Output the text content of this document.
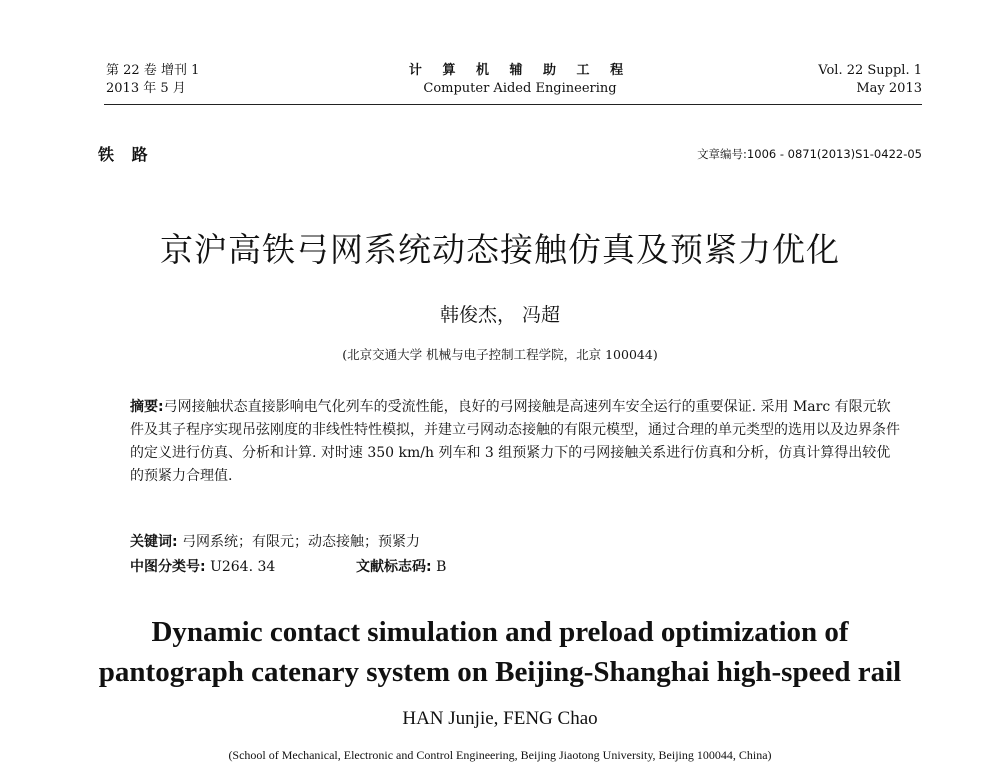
第 22 卷 增刊 1
2013 年 5 月
计 算 机 辅 助 工 程
Computer Aided Engineering
Vol. 22 Suppl. 1
May 2013
铁 路	文章编号:1006 - 0871(2013)S1-0422-05
京沪高铁弓网系统动态接触仿真及预紧力优化
韩俊杰， 冯超
(北京交通大学 机械与电子控制工程学院，北京 100044)
摘要:弓网接触状态直接影响电气化列车的受流性能，良好的弓网接触是高速列车安全运行的重要保证. 采用 Marc 有限元软件及其子程序实现吊弦刚度的非线性特性模拟，并建立弓网动态接触的有限元模型，通过合理的单元类型的选用以及边界条件的定义进行仿真、分析和计算. 对时速 350 km/h 列车和 3 组预紧力下的弓网接触关系进行仿真和分析，仿真计算得出较优的预紧力合理值.
关键词: 弓网系统；有限元；动态接触；预紧力
中图分类号: U264. 34	文献标志码: B
Dynamic contact simulation and preload optimization of
pantograph catenary system on Beijing-Shanghai high-speed rail
HAN Junjie, FENG Chao
(School of Mechanical, Electronic and Control Engineering, Beijing Jiaotong University, Beijing 100044, China)
